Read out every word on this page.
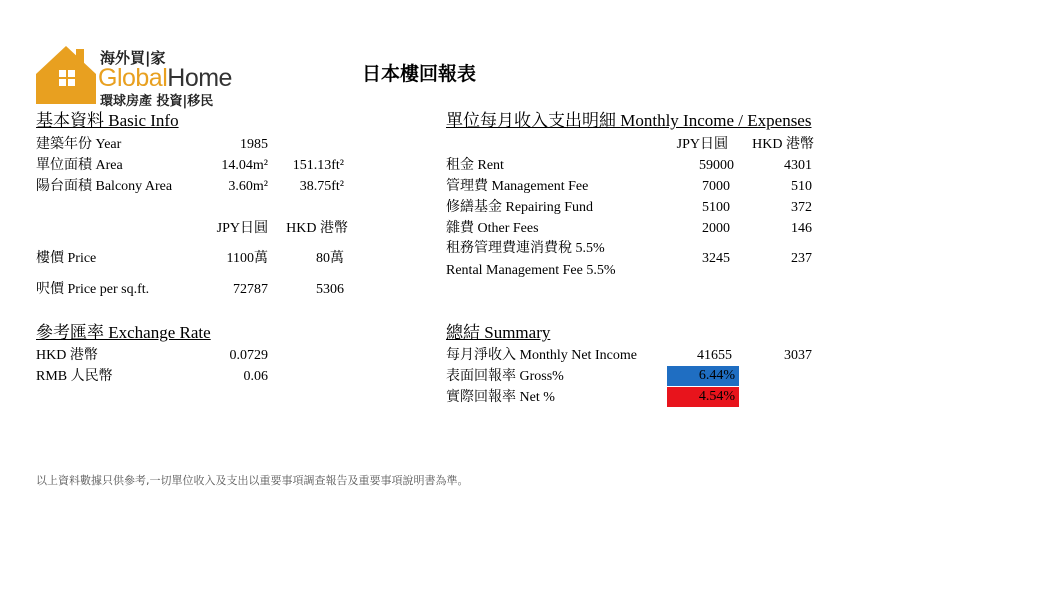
海外買|家
GlobalHome
環球房產 投資|移民
日本樓回報表
基本資料 Basic Info
建築年份 Year	1985
單位面積 Area	14.04m²	151.13ft²
陽台面積 Balcony Area	3.60m²	38.75ft²
JPY日圓	HKD 港幣
樓價 Price	1100萬	80萬
呎價 Price per sq.ft.	72787	5306
參考匯率 Exchange Rate
HKD 港幣	0.0729
RMB 人民幣	0.06
單位每月收入支出明細 Monthly Income / Expenses
JPY日圓	HKD 港幣
租金 Rent	59000	4301
管理費 Management Fee	7000	510
修繕基金 Repairing Fund	5100	372
雜費 Other Fees	2000	146
租務管理費連消費稅 5.5%
Rental Management Fee 5.5%
3245	237
總結 Summary
每月淨收入 Monthly Net Income	41655	3037
表面回報率 Gross%	6.44%
實際回報率 Net %	4.54%
以上資料數據只供參考,一切單位收入及支出以重要事項調查報告及重要事項說明書為準。
